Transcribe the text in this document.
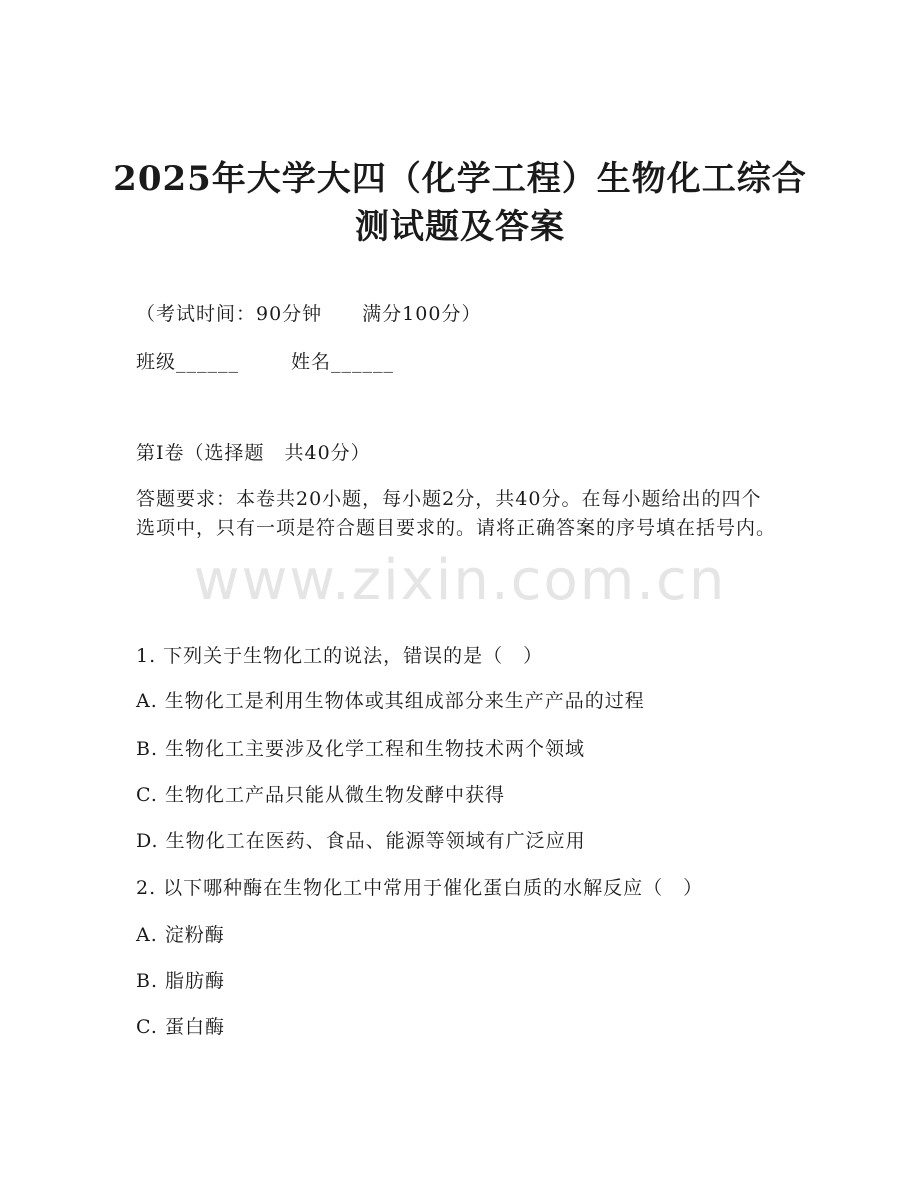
2025年大学大四（化学工程）生物化工综合
测试题及答案
（考试时间：90分钟　　满分100分）
班级______	姓名______
第I卷（选择题　共40分）
答题要求：本卷共20小题，每小题2分，共40分。在每小题给出的四个选项中，只有一项是符合题目要求的。请将正确答案的序号填在括号内。
www.zixin.com.cn
1. 下列关于生物化工的说法，错误的是（　）
A. 生物化工是利用生物体或其组成部分来生产产品的过程
B. 生物化工主要涉及化学工程和生物技术两个领域
C. 生物化工产品只能从微生物发酵中获得
D. 生物化工在医药、食品、能源等领域有广泛应用
2. 以下哪种酶在生物化工中常用于催化蛋白质的水解反应（　）
A. 淀粉酶
B. 脂肪酶
C. 蛋白酶
